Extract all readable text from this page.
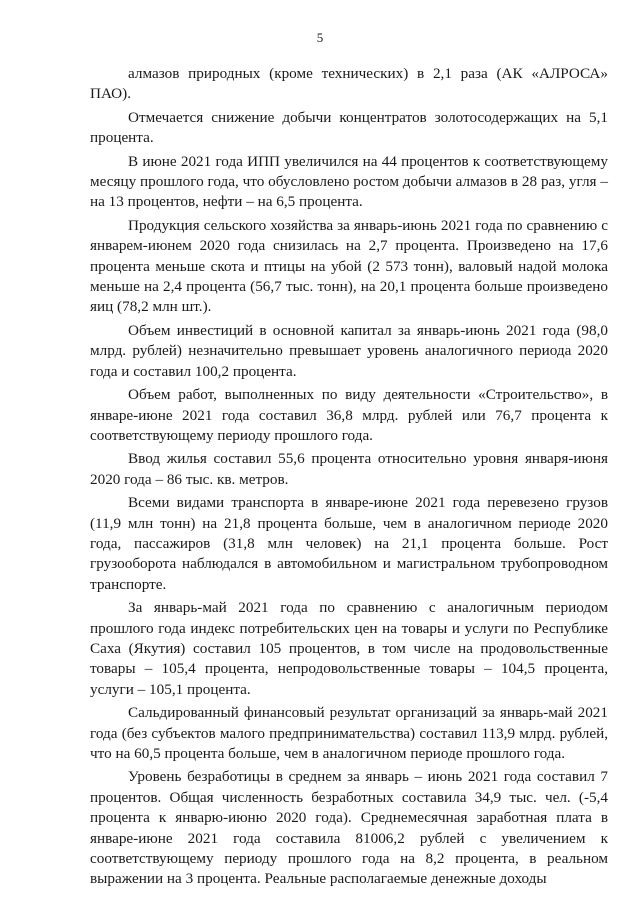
5

алмазов природных (кроме технических) в 2,1 раза (АК «АЛРОСА» ПАО).

Отмечается снижение добычи концентратов золотосодержащих на 5,1 процента.

В июне 2021 года ИПП увеличился на 44 процентов к соответствующему месяцу прошлого года, что обусловлено ростом добычи алмазов в 28 раз, угля – на 13 процентов, нефти – на 6,5 процента.

Продукция сельского хозяйства за январь-июнь 2021 года по сравнению с январем-июнем 2020 года снизилась на 2,7 процента. Произведено на 17,6 процента меньше скота и птицы на убой (2 573 тонн), валовый надой молока меньше на 2,4 процента (56,7 тыс. тонн), на 20,1 процента больше произведено яиц (78,2 млн шт.).

Объем инвестиций в основной капитал за январь-июнь 2021 года (98,0 млрд. рублей) незначительно превышает уровень аналогичного периода 2020 года и составил 100,2 процента.

Объем работ, выполненных по виду деятельности «Строительство», в январе-июне 2021 года составил 36,8 млрд. рублей или 76,7 процента к соответствующему периоду прошлого года.

Ввод жилья составил 55,6 процента относительно уровня января-июня 2020 года – 86 тыс. кв. метров.

Всеми видами транспорта в январе-июне 2021 года перевезено грузов (11,9 млн тонн) на 21,8 процента больше, чем в аналогичном периоде 2020 года, пассажиров (31,8 млн человек) на 21,1 процента больше. Рост грузооборота наблюдался в автомобильном и магистральном трубопроводном транспорте.

За январь-май 2021 года по сравнению с аналогичным периодом прошлого года индекс потребительских цен на товары и услуги по Республике Саха (Якутия) составил 105 процентов, в том числе на продовольственные товары – 105,4 процента, непродовольственные товары – 104,5 процента, услуги – 105,1 процента.

Сальдированный финансовый результат организаций за январь-май 2021 года (без субъектов малого предпринимательства) составил 113,9 млрд. рублей, что на 60,5 процента больше, чем в аналогичном периоде прошлого года.

Уровень безработицы в среднем за январь – июнь 2021 года составил 7 процентов. Общая численность безработных составила 34,9 тыс. чел. (-5,4 процента к январю-июню 2020 года). Среднемесячная заработная плата в январе-июне 2021 года составила 81006,2 рублей с увеличением к соответствующему периоду прошлого года на 8,2 процента, в реальном выражении на 3 процента. Реальные располагаемые денежные доходы
